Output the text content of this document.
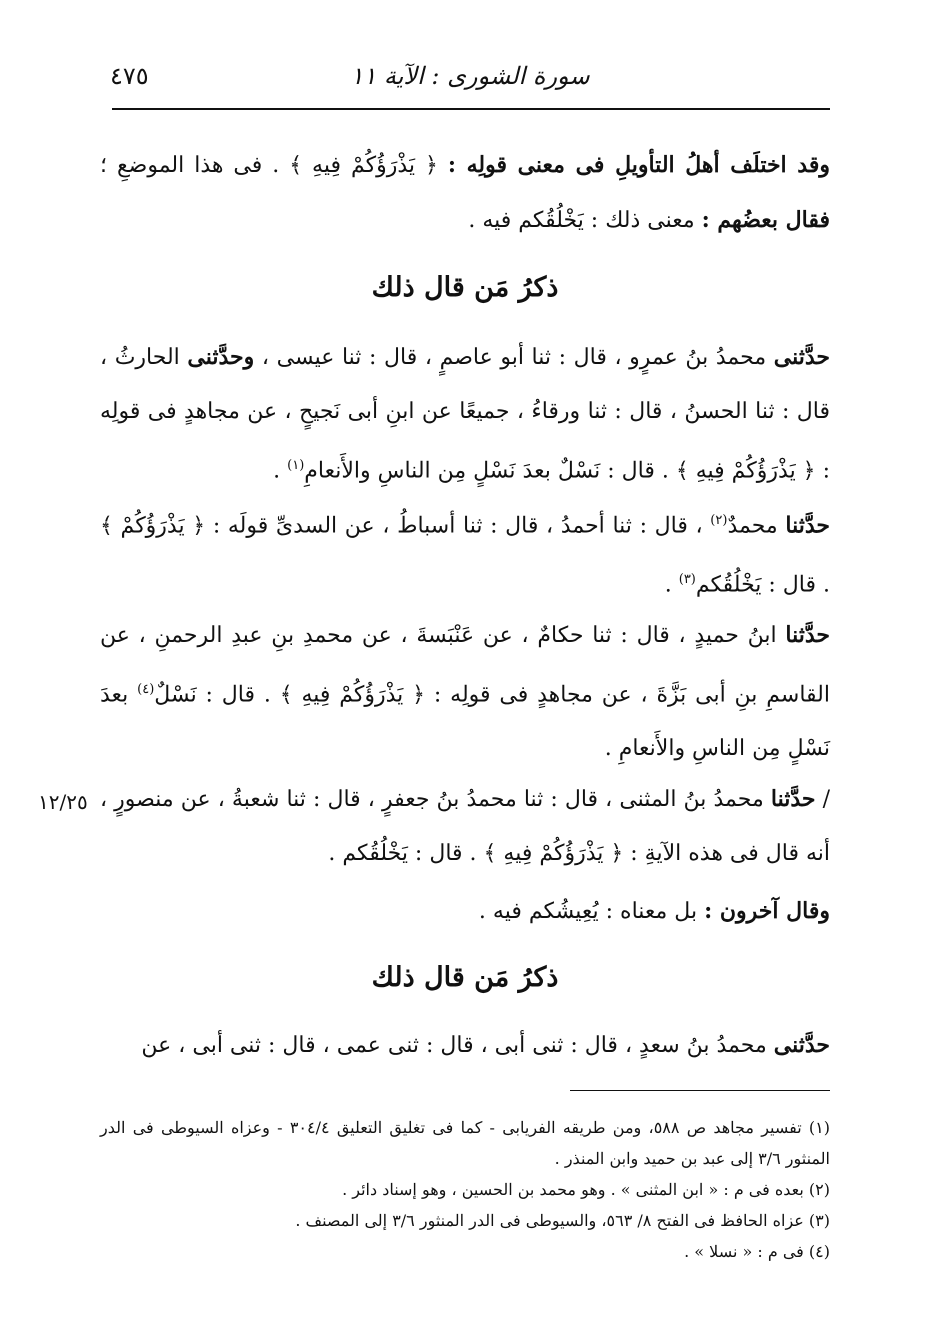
سورة الشورى : الآية ١١
٤٧٥

وقد اختلَف أهلُ التأويلِ فى معنى قولِه : ﴿ يَذْرَؤُكُمْ فِيهِ ﴾ . فى هذا الموضعِ ؛ فقال بعضُهم : معنى ذلك : يَخْلُقُكم فيه .

ذكرُ مَن قال ذلك

حدَّثنى محمدُ بنُ عمرٍو ، قال : ثنا أبو عاصمٍ ، قال : ثنا عيسى ، وحدَّثنى الحارثُ ، قال : ثنا الحسنُ ، قال : ثنا ورقاءُ ، جميعًا عن ابنِ أبى نَجيحٍ ، عن مجاهدٍ فى قولِه : ﴿ يَذْرَؤُكُمْ فِيهِ ﴾ . قال : نَسْلٌ بعدَ نَسْلٍ مِن الناسِ والأَنعامِ$^{(١)}$ .

حدَّثنا محمدٌ$^{(٢)}$ ، قال : ثنا أحمدُ ، قال : ثنا أسباطُ ، عن السدىِّ قولَه : ﴿ يَذْرَؤُكُمْ ﴾ . قال : يَخْلُقُكم$^{(٣)}$ .

حدَّثنا ابنُ حميدٍ ، قال : ثنا حكامٌ ، عن عَنْبَسةَ ، عن محمدِ بنِ عبدِ الرحمنِ ، عن القاسمِ بنِ أبى بَزَّةَ ، عن مجاهدٍ فى قولِه : ﴿ يَذْرَؤُكُمْ فِيهِ ﴾ . قال : نَسْلٌ$^{(٤)}$ بعدَ نَسْلٍ مِن الناسِ والأَنعامِ .

/ حدَّثنا محمدُ بنُ المثنى ، قال : ثنا محمدُ بنُ جعفرٍ ، قال : ثنا شعبةُ ، عن منصورٍ ، أنه قال فى هذه الآيةِ : ﴿ يَذْرَؤُكُمْ فِيهِ ﴾ . قال : يَخْلُقُكم .

١٢/٢٥

وقال آخرون : بل معناه : يُعِيشُكم فيه .

ذكرُ مَن قال ذلك

حدَّثنى محمدُ بنُ سعدٍ ، قال : ثنى أبى ، قال : ثنى عمى ، قال : ثنى أبى ، عن

(١) تفسير مجاهد ص ٥٨٨، ومن طريقه الفريابى - كما فى تغليق التعليق ٣٠٤/٤ - وعزاه السيوطى فى الدر المنثور ٣/٦ إلى عبد بن حميد وابن المنذر .

(٢) بعده فى م : « ابن المثنى » . وهو محمد بن الحسين ، وهو إسناد دائر .

(٣) عزاه الحافظ فى الفتح ٨/ ٥٦٣، والسيوطى فى الدر المنثور ٣/٦ إلى المصنف .

(٤) فى م : « نسلا » .
